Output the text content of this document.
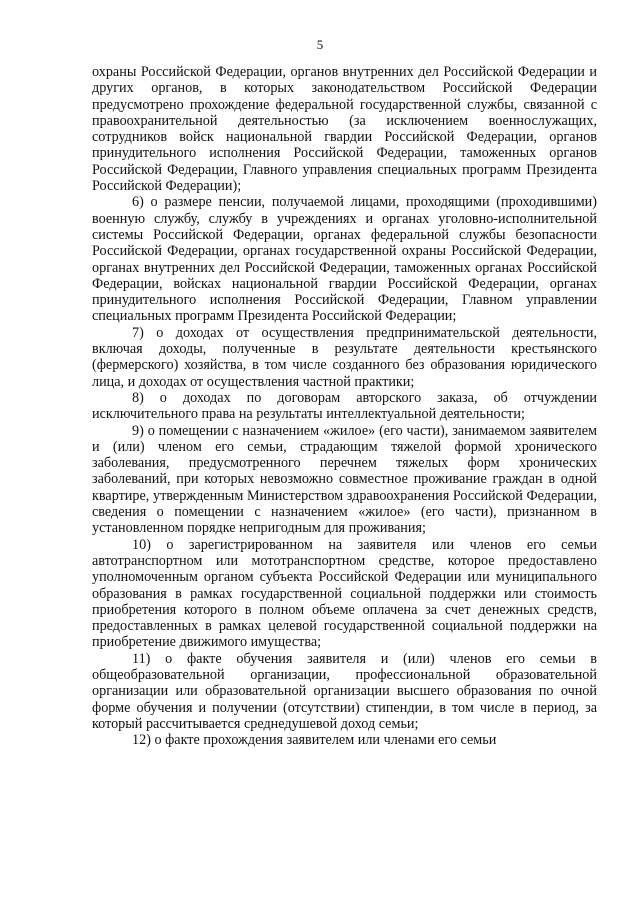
5

охраны Российской Федерации, органов внутренних дел Российской Федерации и других органов, в которых законодательством Российской Федерации предусмотрено прохождение федеральной государственной службы, связанной с правоохранительной деятельностью (за исключением военнослужащих, сотрудников войск национальной гвардии Российской Федерации, органов принудительного исполнения Российской Федерации, таможенных органов Российской Федерации, Главного управления специальных программ Президента Российской Федерации);

6) о размере пенсии, получаемой лицами, проходящими (проходившими) военную службу, службу в учреждениях и органах уголовно-исполнительной системы Российской Федерации, органах федеральной службы безопасности Российской Федерации, органах государственной охраны Российской Федерации, органах внутренних дел Российской Федерации, таможенных органах Российской Федерации, войсках национальной гвардии Российской Федерации, органах принудительного исполнения Российской Федерации, Главном управлении специальных программ Президента Российской Федерации;

7) о доходах от осуществления предпринимательской деятельности, включая доходы, полученные в результате деятельности крестьянского (фермерского) хозяйства, в том числе созданного без образования юридического лица, и доходах от осуществления частной практики;

8) о доходах по договорам авторского заказа, об отчуждении исключительного права на результаты интеллектуальной деятельности;

9) о помещении с назначением «жилое» (его части), занимаемом заявителем и (или) членом его семьи, страдающим тяжелой формой хронического заболевания, предусмотренного перечнем тяжелых форм хронических заболеваний, при которых невозможно совместное проживание граждан в одной квартире, утвержденным Министерством здравоохранения Российской Федерации, сведения о помещении с назначением «жилое» (его части), признанном в установленном порядке непригодным для проживания;

10) о зарегистрированном на заявителя или членов его семьи автотранспортном или мототранспортном средстве, которое предоставлено уполномоченным органом субъекта Российской Федерации или муниципального образования в рамках государственной социальной поддержки или стоимость приобретения которого в полном объеме оплачена за счет денежных средств, предоставленных в рамках целевой государственной социальной поддержки на приобретение движимого имущества;

11) о факте обучения заявителя и (или) членов его семьи в общеобразовательной организации, профессиональной образовательной организации или образовательной организации высшего образования по очной форме обучения и получении (отсутствии) стипендии, в том числе в период, за который рассчитывается среднедушевой доход семьи;

12) о факте прохождения заявителем или членами его семьи
